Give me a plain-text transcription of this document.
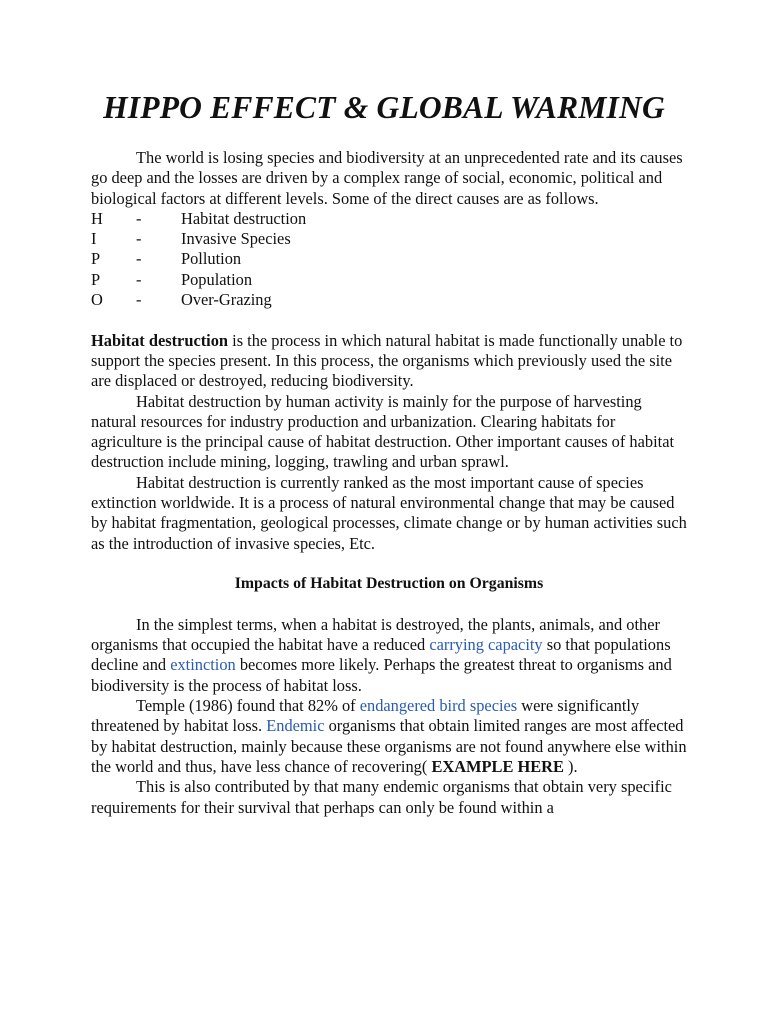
HIPPO EFFECT & GLOBAL WARMING

The world is losing species and biodiversity at an unprecedented rate and its causes go deep and the losses are driven by a complex range of social, economic, political and biological factors at different levels. Some of the direct causes are as follows.

H	-	Habitat destruction
I	-	Invasive Species
P	-	Pollution
P	-	Population
O	-	Over-Grazing

Habitat destruction is the process in which natural habitat is made functionally unable to support the species present. In this process, the organisms which previously used the site are displaced or destroyed, reducing biodiversity.

Habitat destruction by human activity is mainly for the purpose of harvesting natural resources for industry production and urbanization. Clearing habitats for agriculture is the principal cause of habitat destruction. Other important causes of habitat destruction include mining, logging, trawling and urban sprawl.

Habitat destruction is currently ranked as the most important cause of species extinction worldwide. It is a process of natural environmental change that may be caused by habitat fragmentation, geological processes, climate change or by human activities such as the introduction of invasive species, Etc.

Impacts of Habitat Destruction on Organisms

In the simplest terms, when a habitat is destroyed, the plants, animals, and other organisms that occupied the habitat have a reduced carrying capacity so that populations decline and extinction becomes more likely. Perhaps the greatest threat to organisms and biodiversity is the process of habitat loss.

Temple (1986) found that 82% of endangered bird species were significantly threatened by habitat loss. Endemic organisms that obtain limited ranges are most affected by habitat destruction, mainly because these organisms are not found anywhere else within the world and thus, have less chance of recovering( EXAMPLE HERE ).

This is also contributed by that many endemic organisms that obtain very specific requirements for their survival that perhaps can only be found within a
